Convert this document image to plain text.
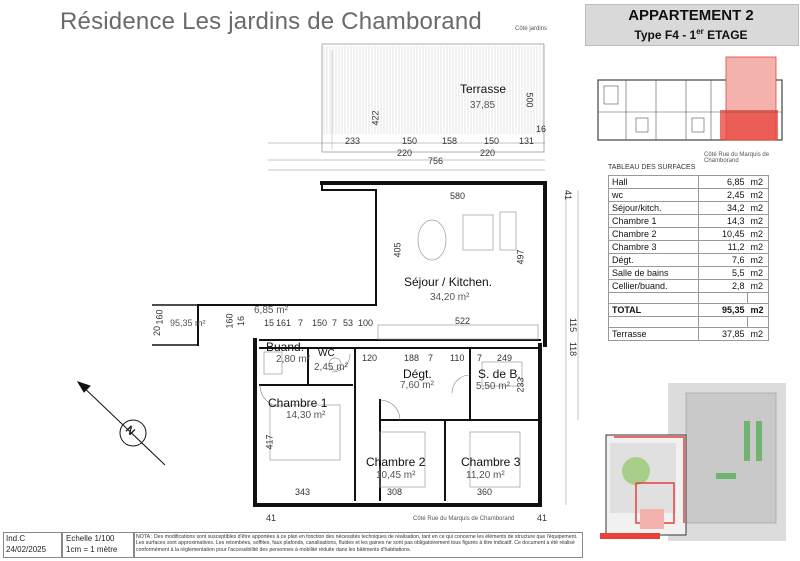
Résidence Les jardins de Chamborand	APPARTEMENT 2
Type F4 - 1er ETAGE
N
Côté jardins
Côté Rue du Marquis de Chamborand
Terrasse
37,85
Séjour / Kitchen.
34,20 m²
6,85 m²
Buand.
2,80 m²
WC
2,45 m²	Dégt.
7,60 m²
S. de B.
5,50 m²
Chambre 1
14,30 m²
Chambre 2
10,45 m²
Chambre 3
11,20 m²
95,35 m²
233	150	158	150 131
220	220
756
422
500
16
580
405	497
522
15 161 7 150 7 53 100
20
160	160 16
188 7 110 7 249
120
115
118
233
417
343	308	360
41	41
41
Côté Rue du Marquis de Chamborand
TABLEAU DES SURFACES
Hall	6,85	m2
wc	2,45	m2
Séjour/kitch.	34,2	m2
Chambre 1	14,3	m2
Chambre 2	10,45	m2
Chambre 3	11,2	m2
Dégt.	7,6	m2
Salle de bains	5,5	m2
Cellier/buand.	2,8	m2

TOTAL	95,35	m2

Terrasse	37,85	m2
Ind.C
24/02/2025
Echelle 1/100
1cm = 1 mètre
NOTA : Des modifications sont susceptibles d'être apportées à ce plan en fonction des nécessités techniques de réalisation, tant en ce qui concerne les éléments de structure que l'équipement. Les surfaces sont approximatives. Les retombées, soffites, faux plafonds, canalisations, fluides et les gaines ne sont pas obligatoirement tous figurés à titre indicatif. Ce document a été réalisé conformément à la réglementation pour l'accessibilité des personnes à mobilité réduite dans les bâtiments d'habitations.
